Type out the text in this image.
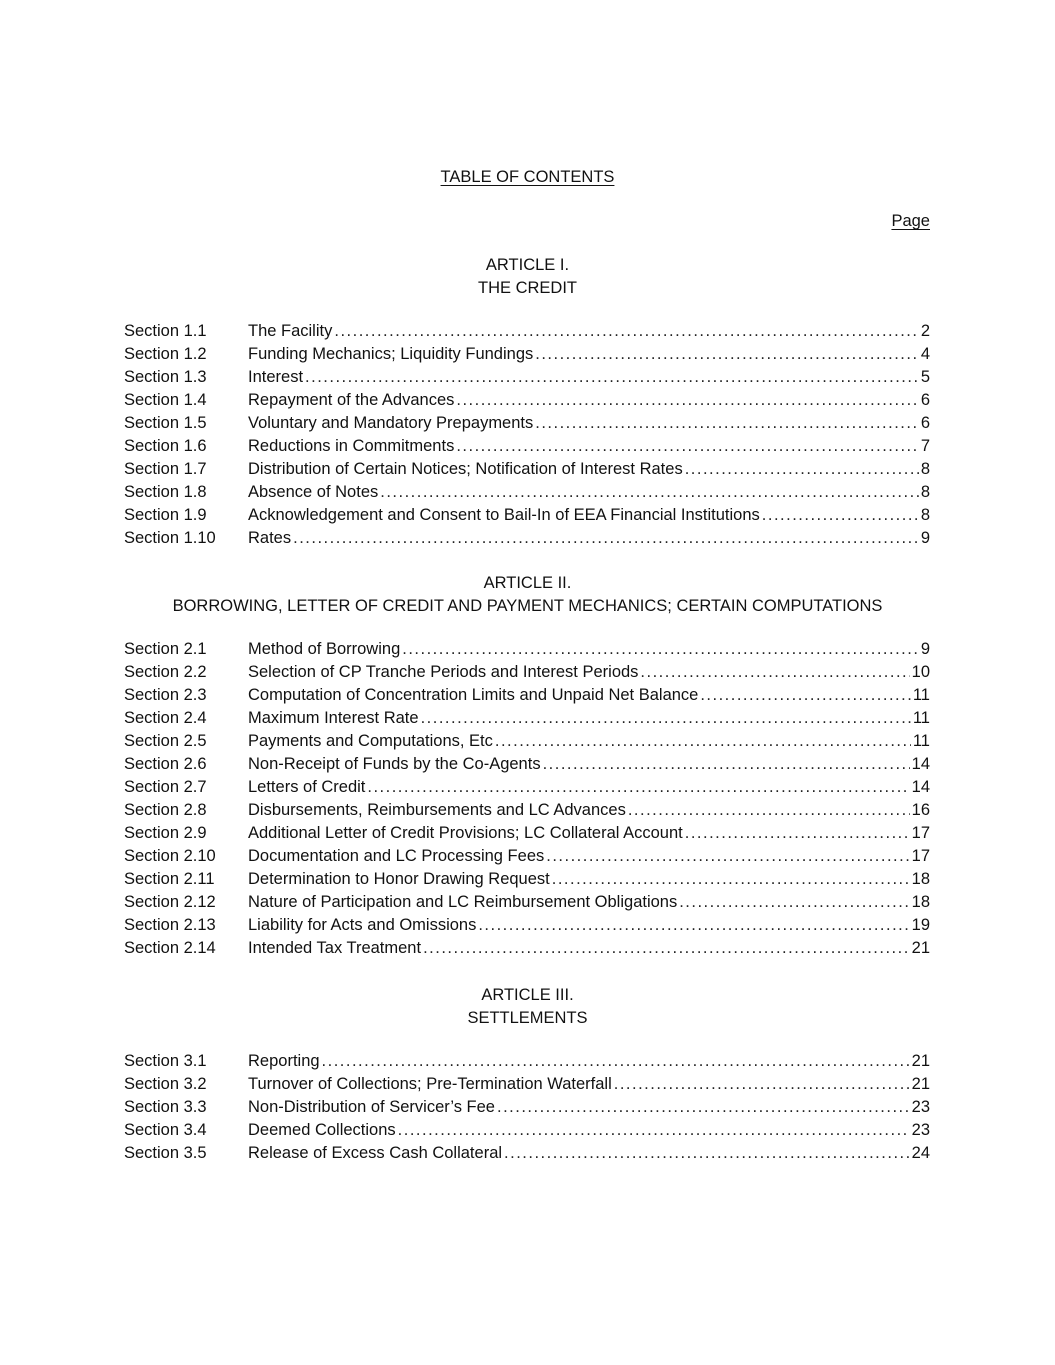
TABLE OF CONTENTS
Page
ARTICLE I.
THE CREDIT
Section 1.1	The Facility .....	2
Section 1.2	Funding Mechanics; Liquidity Fundings .....	4
Section 1.3	Interest .....	5
Section 1.4	Repayment of the Advances .....	6
Section 1.5	Voluntary and Mandatory Prepayments .....	6
Section 1.6	Reductions in Commitments .....	7
Section 1.7	Distribution of Certain Notices; Notification of Interest Rates .....	8
Section 1.8	Absence of Notes .....	8
Section 1.9	Acknowledgement and Consent to Bail-In of EEA Financial Institutions .....	8
Section 1.10	Rates .....	9
ARTICLE II.
BORROWING, LETTER OF CREDIT AND PAYMENT MECHANICS; CERTAIN COMPUTATIONS
Section 2.1	Method of Borrowing .....	9
Section 2.2	Selection of CP Tranche Periods and Interest Periods .....	10
Section 2.3	Computation of Concentration Limits and Unpaid Net Balance .....	11
Section 2.4	Maximum Interest Rate .....	11
Section 2.5	Payments and Computations, Etc .....	11
Section 2.6	Non-Receipt of Funds by the Co-Agents .....	14
Section 2.7	Letters of Credit .....	14
Section 2.8	Disbursements, Reimbursements and LC Advances .....	16
Section 2.9	Additional Letter of Credit Provisions; LC Collateral Account .....	17
Section 2.10	Documentation and LC Processing Fees .....	17
Section 2.11	Determination to Honor Drawing Request .....	18
Section 2.12	Nature of Participation and LC Reimbursement Obligations .....	18
Section 2.13	Liability for Acts and Omissions .....	19
Section 2.14	Intended Tax Treatment .....	21
ARTICLE III.
SETTLEMENTS
Section 3.1	Reporting .....	21
Section 3.2	Turnover of Collections; Pre-Termination Waterfall .....	21
Section 3.3	Non-Distribution of Servicer’s Fee .....	23
Section 3.4	Deemed Collections .....	23
Section 3.5	Release of Excess Cash Collateral .....	24
